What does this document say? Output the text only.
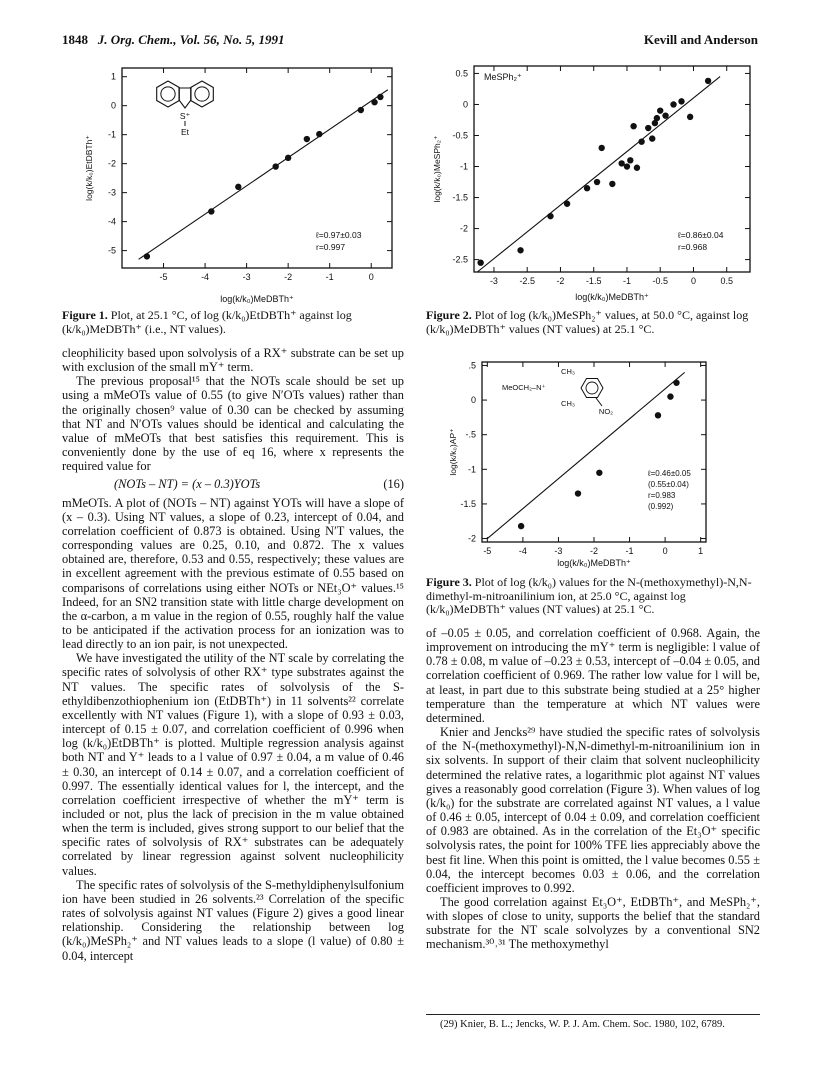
1848 J. Org. Chem., Vol. 56, No. 5, 1991	Kevill and Anderson
-5	-4	-3	-2	-1	0
1
0
-1
-2
-3
-4
-5
log(k/k₀)MeDBTh⁺
log(k/k₀)EtDBTh⁺
ℓ=0.97±0.03
r=0.997
S⁺
Et
Figure 1. Plot, at 25.1 °C, of log (k/k₀)EtDBTh⁺ against log (k/k₀)MeDBTh⁺ (i.e., NT values).
-3 -2.5 -2 -1.5 -1 -0.5	0	0.5
0.5
0
-0.5
-1
-1.5
-2
-2.5
log(k/k₀)MeDBTh⁺
log(k/k₀)MeSPh₂⁺
ℓ=0.86±0.04
r=0.968
MeSPh₂⁺
Figure 2. Plot of log (k/k₀)MeSPh₂⁺ values, at 50.0 °C, against log (k/k₀)MeDBTh⁺ values (NT values) at 25.1 °C.
-5	-4	-3	-2	-1	0	1
.5
0
-.5
-1
-1.5
-2
log(k/k₀)MeDBTh⁺
log(k/k₀)AP⁺	ℓ=0.46±0.05
(0.55±0.04)
r=0.983
(0.992)
MeOCH₂–N⁺
CH₃
CH₃
NO₂
Figure 3. Plot of log (k/k₀) values for the N-(methoxymethyl)-N,N-dimethyl-m-nitroanilinium ion, at 25.0 °C, against log (k/k₀)MeDBTh⁺ values (NT values) at 25.1 °C.

cleophilicity based upon solvolysis of a RX⁺ substrate can be set up with exclusion of the small mY⁺ term.

The previous proposal¹⁵ that the NOTs scale should be set up using a mMeOTs value of 0.55 (to give N′OTs values) rather than the originally chosen⁹ value of 0.30 can be checked by assuming that NT and N′OTs values should be identical and calculating the value of mMeOTs that best satisfies this requirement. This is conveniently done by the use of eq 16, where x represents the required value for

(NOTs – NT) = (x – 0.3)YOTs	(16)

mMeOTs. A plot of (NOTs – NT) against YOTs will have a slope of (x – 0.3). Using NT values, a slope of 0.23, intercept of 0.04, and correlation coefficient of 0.873 is obtained. Using N′T values, the corresponding values are 0.25, 0.10, and 0.872. The x values obtained are, therefore, 0.53 and 0.55, respectively; these values are in excellent agreement with the previous estimate of 0.55 based on comparisons of correlations using either NOTs or NEt₃O⁺ values.¹⁵ Indeed, for an SN2 transition state with little charge development on the α-carbon, a m value in the region of 0.55, roughly half the value to be anticipated if the activation process for an ionization was to lead directly to an ion pair, is not unexpected.

We have investigated the utility of the NT scale by correlating the specific rates of solvolysis of other RX⁺ type substrates against the NT values. The specific rates of solvolysis of the S-ethyldibenzothiophenium ion (EtDBTh⁺) in 11 solvents²² correlate excellently with NT values (Figure 1), with a slope of 0.93 ± 0.03, intercept of 0.15 ± 0.07, and correlation coefficient of 0.996 when log (k/k₀)EtDBTh⁺ is plotted. Multiple regression analysis against both NT and Y⁺ leads to a l value of 0.97 ± 0.04, a m value of 0.46 ± 0.30, an intercept of 0.14 ± 0.07, and a correlation coefficient of 0.997. The essentially identical values for l, the intercept, and the correlation coefficient irrespective of whether the mY⁺ term is included or not, plus the lack of precision in the m value obtained when the term is included, gives strong support to our belief that the specific rates of solvolysis of RX⁺ substrates can be adequately correlated by linear regression against solvent nucleophilicity values.

The specific rates of solvolysis of the S-methyldiphenylsulfonium ion have been studied in 26 solvents.²³ Correlation of the specific rates of solvolysis against NT values (Figure 2) gives a good linear relationship. Considering the relationship between log (k/k₀)MeSPh₂⁺ and NT values leads to a slope (l value) of 0.80 ± 0.04, intercept

of –0.05 ± 0.05, and correlation coefficient of 0.968. Again, the improvement on introducing the mY⁺ term is negligible: l value of 0.78 ± 0.08, m value of –0.23 ± 0.53, intercept of –0.04 ± 0.05, and correlation coefficient of 0.969. The rather low value for l will be, at least, in part due to this substrate being studied at a 25° higher temperature than the temperature at which NT values were determined.

Knier and Jencks²⁹ have studied the specific rates of solvolysis of the N-(methoxymethyl)-N,N-dimethyl-m-nitroanilinium ion in six solvents. In support of their claim that solvent nucleophilicity determined the relative rates, a logarithmic plot against NT values gives a reasonably good correlation (Figure 3). When values of log (k/k₀) for the substrate are correlated against NT values, a l value of 0.46 ± 0.05, intercept of 0.04 ± 0.09, and correlation coefficient of 0.983 are obtained. As in the correlation of the Et₃O⁺ specific solvolysis rates, the point for 100% TFE lies appreciably above the best fit line. When this point is omitted, the l value becomes 0.55 ± 0.04, the intercept becomes 0.03 ± 0.06, and the correlation coefficient improves to 0.992.

The good correlation against Et₃O⁺, EtDBTh⁺, and MeSPh₂⁺, with slopes of close to unity, supports the belief that the standard substrate for the NT scale solvolyzes by a conventional SN2 mechanism.³⁰˒³¹ The methoxymethyl

(29) Knier, B. L.; Jencks, W. P. J. Am. Chem. Soc. 1980, 102, 6789.
